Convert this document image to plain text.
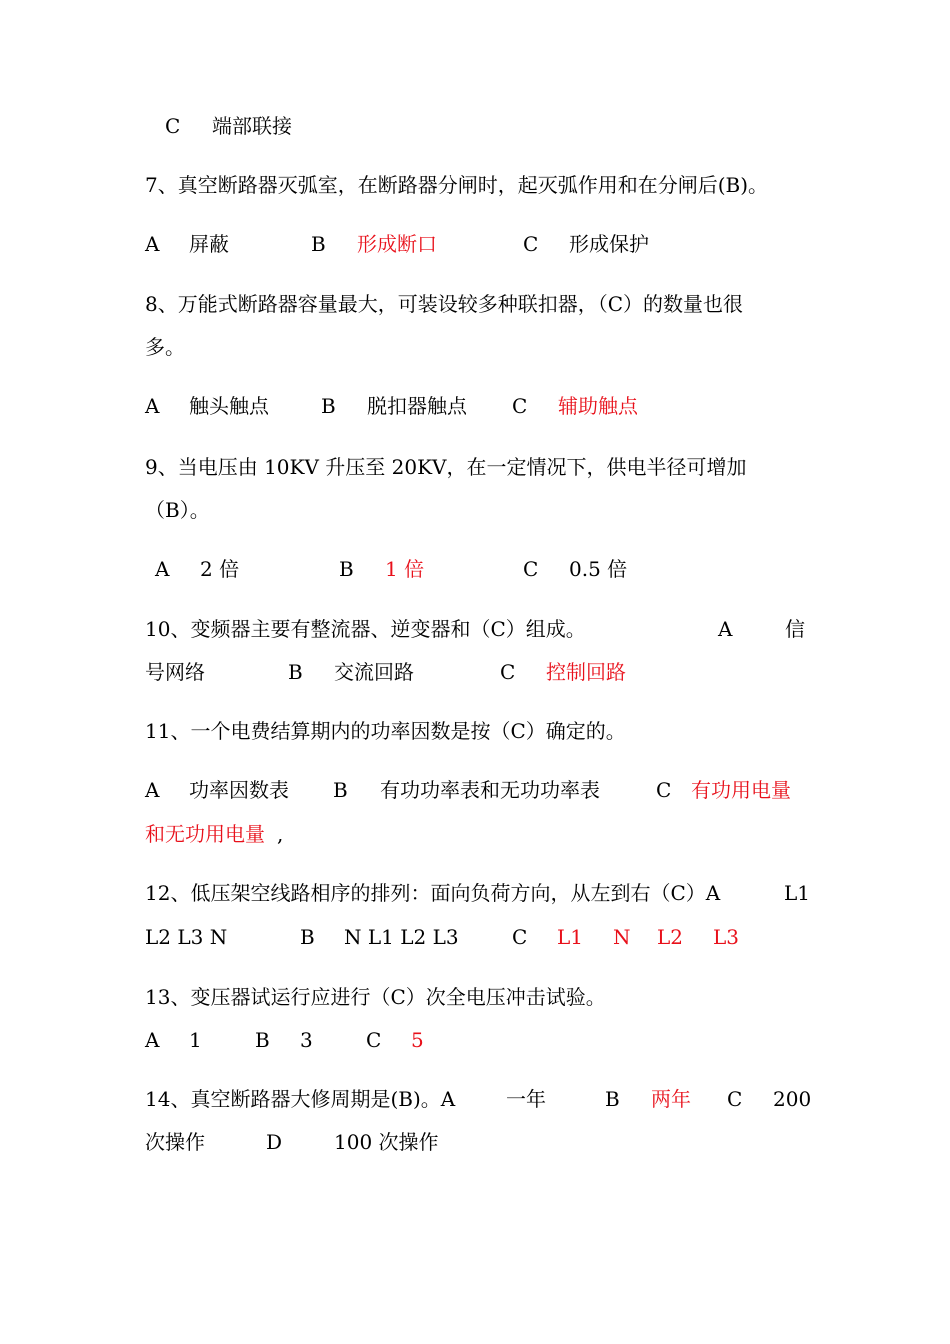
C 端部联接
7、真空断路器灭弧室，在断路器分闸时，起灭弧作用和在分闸后(B)。
A 屏蔽	B 形成断口	C 形成保护
8、万能式断路器容量最大，可装设较多种联扣器，（C）的数量也很
多。
A 触头触点	B 脱扣器触点 C 辅助触点
9、当电压由 10KV 升压至 20KV，在一定情况下，供电半径可增加
（B）。
A 2 倍	B 1 倍	C 0.5 倍
10、变频器主要有整流器、逆变器和（C）组成。	A	信
号网络	B 交流回路	C 控制回路
11、一个电费结算期内的功率因数是按（C）确定的。
A 功率因数表 B 有功功率表和无功功率表	C 有功用电量
和无功用电量 ,
12、低压架空线路相序的排列：面向负荷方向，从左到右（C）A	L1
L2 L3 N	B N L1 L2 L3	C L1 N L2 L3
13、变压器试运行应进行（C）次全电压冲击试验。
A 1	B 3	C 5
14、真空断路器大修周期是(B)。A	一年	B 两年 C 200
次操作	D	100 次操作
